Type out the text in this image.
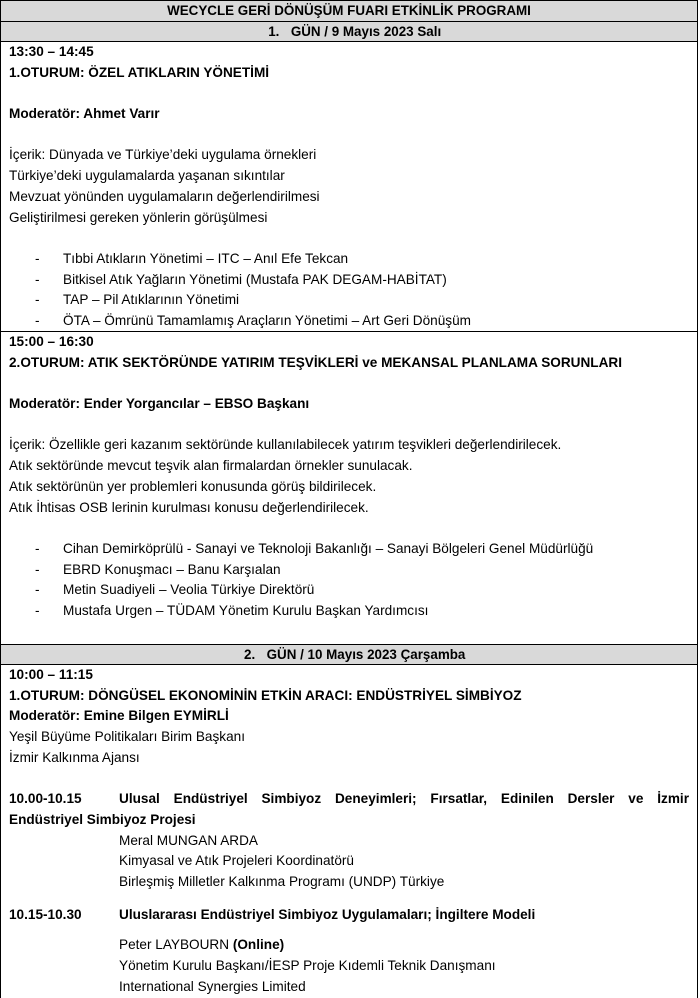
WECYCLE GERİ DÖNÜŞÜM FUARI ETKİNLİK PROGRAMI
1. GÜN / 9 Mayıs 2023 Salı
13:30 – 14:45
1.OTURUM: ÖZEL ATIKLARIN YÖNETİMİ
Moderatör: Ahmet Varır
İçerik: Dünyada ve Türkiye’deki uygulama örnekleri
Türkiye’deki uygulamalarda yaşanan sıkıntılar
Mevzuat yönünden uygulamaların değerlendirilmesi
Geliştirilmesi gereken yönlerin görüşülmesi
- Tıbbi Atıkların Yönetimi – ITC – Anıl Efe Tekcan
- Bitkisel Atık Yağların Yönetimi (Mustafa PAK DEGAM-HABİTAT)
- TAP – Pil Atıklarının Yönetimi
- ÖTA – Ömrünü Tamamlamış Araçların Yönetimi – Art Geri Dönüşüm
15:00 – 16:30
2.OTURUM: ATIK SEKTÖRÜNDE YATIRIM TEŞVİKLERİ ve MEKANSAL PLANLAMA SORUNLARI
Moderatör: Ender Yorgancılar – EBSO Başkanı
İçerik: Özellikle geri kazanım sektöründe kullanılabilecek yatırım teşvikleri değerlendirilecek.
Atık sektöründe mevcut teşvik alan firmalardan örnekler sunulacak.
Atık sektörünün yer problemleri konusunda görüş bildirilecek.
Atık İhtisas OSB lerinin kurulması konusu değerlendirilecek.
- Cihan Demirköprülü - Sanayi ve Teknoloji Bakanlığı – Sanayi Bölgeleri Genel Müdürlüğü
- EBRD Konuşmacı – Banu Karşıalan
- Metin Suadiyeli – Veolia Türkiye Direktörü
- Mustafa Urgen – TÜDAM Yönetim Kurulu Başkan Yardımcısı
2. GÜN / 10 Mayıs 2023 Çarşamba
10:00 – 11:15
1.OTURUM: DÖNGÜSEL EKONOMİNİN ETKİN ARACI: ENDÜSTRİYEL SİMBİYOZ
Moderatör: Emine Bilgen EYMİRLİ
Yeşil Büyüme Politikaları Birim Başkanı
İzmir Kalkınma Ajansı
10.00-10.15	Ulusal Endüstriyel Simbiyoz Deneyimleri; Fırsatlar, Edinilen Dersler ve İzmir
Endüstriyel Simbiyoz Projesi
Meral MUNGAN ARDA
Kimyasal ve Atık Projeleri Koordinatörü
Birleşmiş Milletler Kalkınma Programı (UNDP) Türkiye
10.15-10.30	Uluslararası Endüstriyel Simbiyoz Uygulamaları; İngiltere Modeli
Peter LAYBOURN (Online)
Yönetim Kurulu Başkanı/İESP Proje Kıdemli Teknik Danışmanı
International Synergies Limited
